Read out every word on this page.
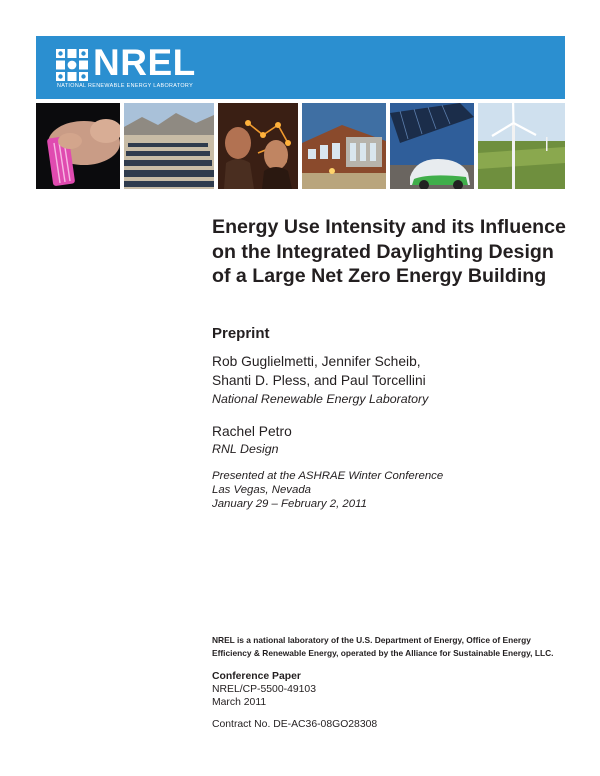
NREL
NATIONAL RENEWABLE ENERGY LABORATORY
Energy Use Intensity and its Influence on the Integrated Daylighting Design of a Large Net Zero Energy Building
Preprint
Rob Guglielmetti, Jennifer Scheib,
Shanti D. Pless, and Paul Torcellini
National Renewable Energy Laboratory
Rachel Petro
RNL Design
Presented at the ASHRAE Winter Conference
Las Vegas, Nevada
January 29 – February 2, 2011
NREL is a national laboratory of the U.S. Department of Energy, Office of Energy
Efficiency & Renewable Energy, operated by the Alliance for Sustainable Energy, LLC.
Conference Paper
NREL/CP-5500-49103
March 2011
Contract No. DE-AC36-08GO28308
